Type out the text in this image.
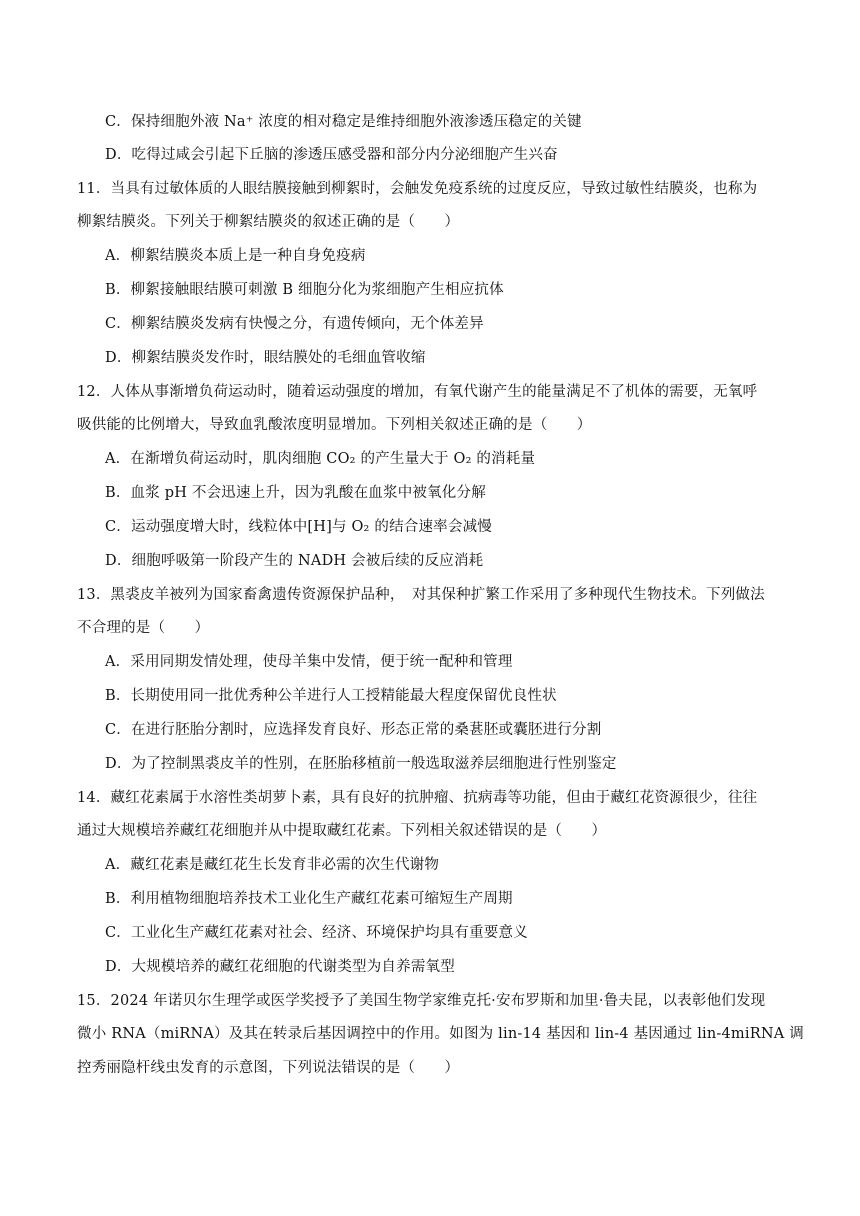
C．保持细胞外液 Na⁺ 浓度的相对稳定是维持细胞外液渗透压稳定的关键
D．吃得过咸会引起下丘脑的渗透压感受器和部分内分泌细胞产生兴奋
11．当具有过敏体质的人眼结膜接触到柳絮时，会触发免疫系统的过度反应，导致过敏性结膜炎，也称为
柳絮结膜炎。下列关于柳絮结膜炎的叙述正确的是（　　）
A．柳絮结膜炎本质上是一种自身免疫病
B．柳絮接触眼结膜可刺激 B 细胞分化为浆细胞产生相应抗体
C．柳絮结膜炎发病有快慢之分，有遗传倾向，无个体差异
D．柳絮结膜炎发作时，眼结膜处的毛细血管收缩
12．人体从事渐增负荷运动时，随着运动强度的增加，有氧代谢产生的能量满足不了机体的需要，无氧呼
吸供能的比例增大，导致血乳酸浓度明显增加。下列相关叙述正确的是（　　）
A．在渐增负荷运动时，肌肉细胞 CO₂ 的产生量大于 O₂ 的消耗量
B．血浆 pH 不会迅速上升，因为乳酸在血浆中被氧化分解
C．运动强度增大时，线粒体中[H]与 O₂ 的结合速率会减慢
D．细胞呼吸第一阶段产生的 NADH 会被后续的反应消耗
13．黑裘皮羊被列为国家畜禽遗传资源保护品种，　对其保种扩繁工作采用了多种现代生物技术。下列做法
不合理的是（　　）
A．采用同期发情处理，使母羊集中发情，便于统一配种和管理
B．长期使用同一批优秀种公羊进行人工授精能最大程度保留优良性状
C．在进行胚胎分割时，应选择发育良好、形态正常的桑葚胚或囊胚进行分割
D．为了控制黑裘皮羊的性别，在胚胎移植前一般选取滋养层细胞进行性别鉴定
14．藏红花素属于水溶性类胡萝卜素，具有良好的抗肿瘤、抗病毒等功能，但由于藏红花资源很少，往往
通过大规模培养藏红花细胞并从中提取藏红花素。下列相关叙述错误的是（　　）
A．藏红花素是藏红花生长发育非必需的次生代谢物
B．利用植物细胞培养技术工业化生产藏红花素可缩短生产周期
C．工业化生产藏红花素对社会、经济、环境保护均具有重要意义
D．大规模培养的藏红花细胞的代谢类型为自养需氧型
15．2024 年诺贝尔生理学或医学奖授予了美国生物学家维克托·安布罗斯和加里·鲁夫昆，以表彰他们发现
微小 RNA（miRNA）及其在转录后基因调控中的作用。如图为 lin-14 基因和 lin-4 基因通过 lin-4miRNA 调
控秀丽隐杆线虫发育的示意图，下列说法错误的是（　　）
